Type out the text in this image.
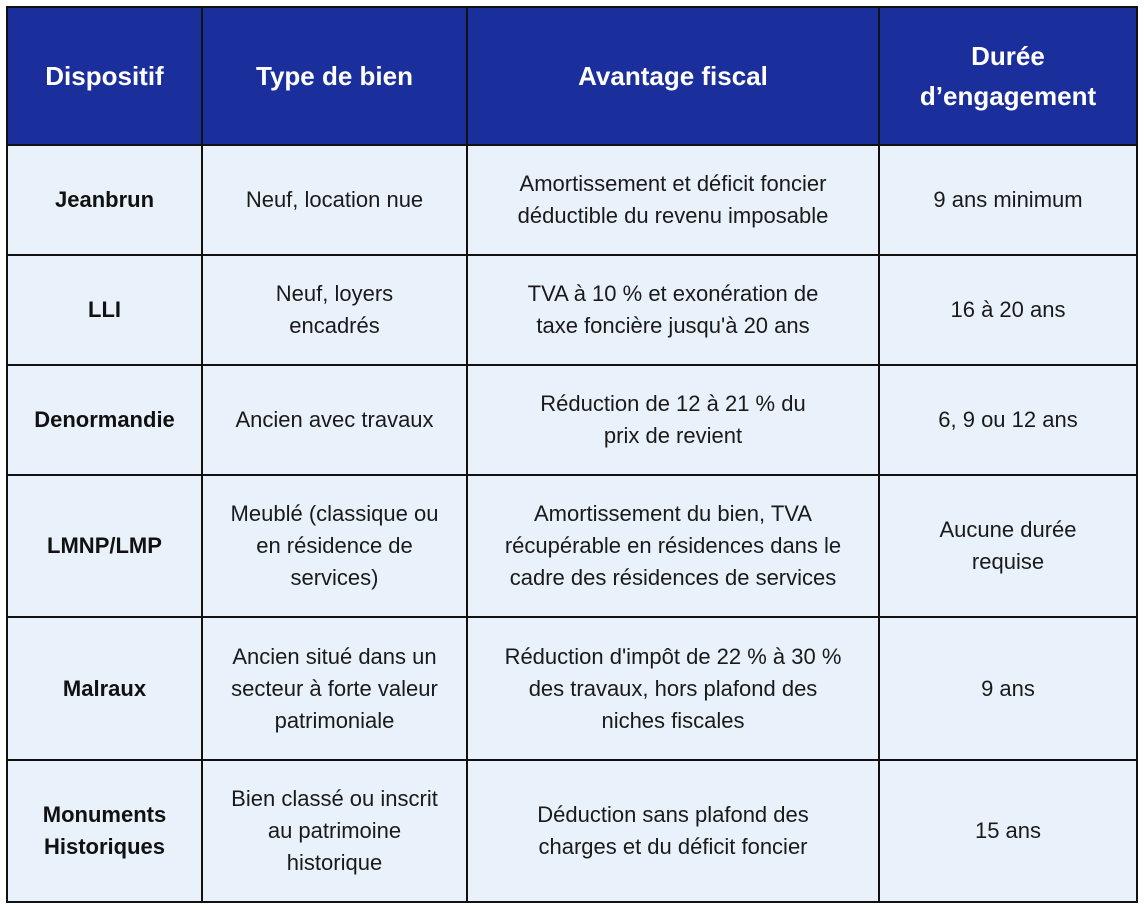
Dispositif	Type de bien	Avantage fiscal	Durée d’engagement
Jeanbrun	Neuf, location nue	Amortissement et déficit foncier déductible du revenu imposable	9 ans minimum
LLI	Neuf, loyers encadrés	TVA à 10 % et exonération de taxe foncière jusqu'à 20 ans	16 à 20 ans
Denormandie	Ancien avec travaux	Réduction de 12 à 21 % du prix de revient	6, 9 ou 12 ans
LMNP/LMP	Meublé (classique ou en résidence de services)	Amortissement du bien, TVA récupérable en résidences dans le cadre des résidences de services	Aucune durée requise
Malraux	Ancien situé dans un secteur à forte valeur patrimoniale	Réduction d'impôt de 22 % à 30 % des travaux, hors plafond des niches fiscales	9 ans
Monuments Historiques	Bien classé ou inscrit au patrimoine historique	Déduction sans plafond des charges et du déficit foncier	15 ans
